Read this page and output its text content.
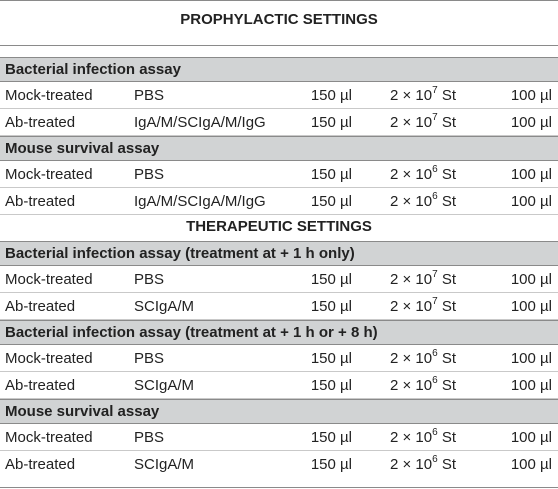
PROPHYLACTIC SETTINGS
Bacterial infection assay
Mock-treated	PBS	150 µl	$2 \times 10^7$ St	100 µl
Ab-treated	IgA/M/SCIgA/M/IgG	150 µl	$2 \times 10^7$ St	100 µl
Mouse survival assay
Mock-treated	PBS	150 µl	$2 \times 10^6$ St	100 µl
Ab-treated	IgA/M/SCIgA/M/IgG	150 µl	$2 \times 10^6$ St	100 µl
THERAPEUTIC SETTINGS
Bacterial infection assay (treatment at + 1 h only)
Mock-treated	PBS	150 µl	$2 \times 10^7$ St	100 µl
Ab-treated	SCIgA/M	150 µl	$2 \times 10^7$ St	100 µl
Bacterial infection assay (treatment at + 1 h or + 8 h)
Mock-treated	PBS	150 µl	$2 \times 10^6$ St	100 µl
Ab-treated	SCIgA/M	150 µl	$2 \times 10^6$ St	100 µl
Mouse survival assay
Mock-treated	PBS	150 µl	$2 \times 10^6$ St	100 µl
Ab-treated	SCIgA/M	150 µl	$2 \times 10^6$ St	100 µl
